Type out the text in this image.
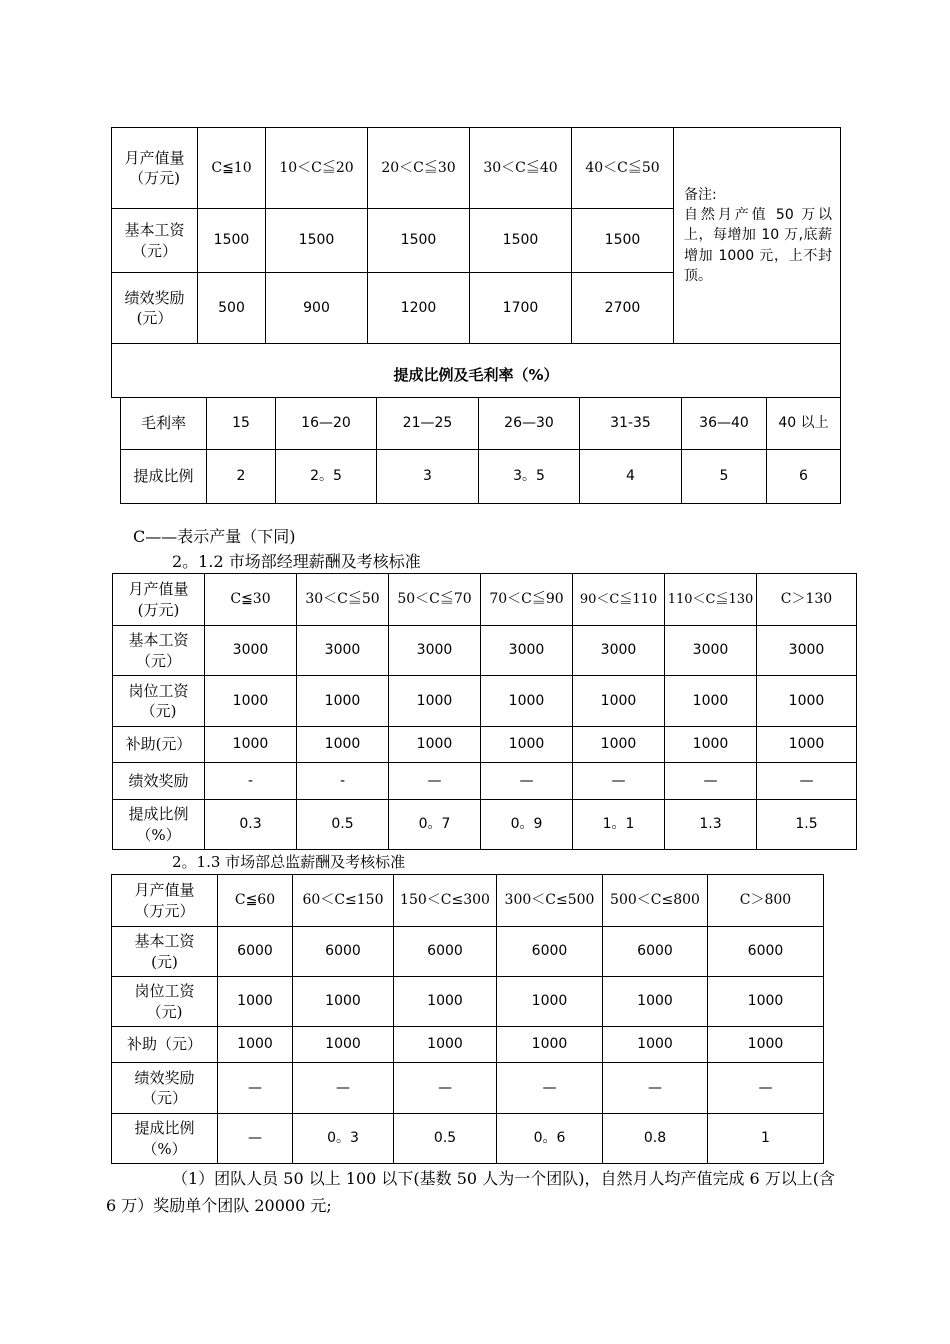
月产值量（万元)	C≦10	10＜C≦20	20＜C≦30	30＜C≦40	40＜C≦50	备注:
自然月产值 50 万以上，每增加 10 万,底薪增加 1000 元，上不封顶。

基本工资（元）	1500	1500	1500	1500	1500	
绩效奖励(元）	500	900	1200	1700	2700	
提成比例及毛利率（%）						
毛利率	15	16—20	21—25	26—30	31-35	36—40	40 以上
提成比例	2	2。5	3	3。5	4	5	6
C——表示产量（下同)
2。1.2 市场部经理薪酬及考核标准
月产值量(万元)	C≦30	30＜C≦50	50＜C≦70	70＜C≦90	90＜C≦110	110＜C≦130	C＞130
基本工资（元）	3000	3000	3000	3000	3000	3000	3000
岗位工资（元)	1000	1000	1000	1000	1000	1000	1000
补助(元）	1000	1000	1000	1000	1000	1000	1000
绩效奖励	-	-	—	—	—	—	—
提成比例（%）	0.3	0.5	0。7	0。9	1。1	1.3	1.5
2。1.3 市场部总监薪酬及考核标准
月产值量（万元）	C≦60	60＜C≤150	150＜C≤300	300＜C≤500	500＜C≤800	C＞800
基本工资(元)	6000	6000	6000	6000	6000	6000
岗位工资（元)	1000	1000	1000	1000	1000	1000
补助（元）	1000	1000	1000	1000	1000	1000
绩效奖励（元）	—	—	—	—	—	—
提成比例（%）	—	0。3	0.5	0。6	0.8	1
（1）团队人员 50 以上 100 以下(基数 50 人为一个团队)，自然月人均产值完成 6 万以上(含 6 万）奖励单个团队 20000 元;
